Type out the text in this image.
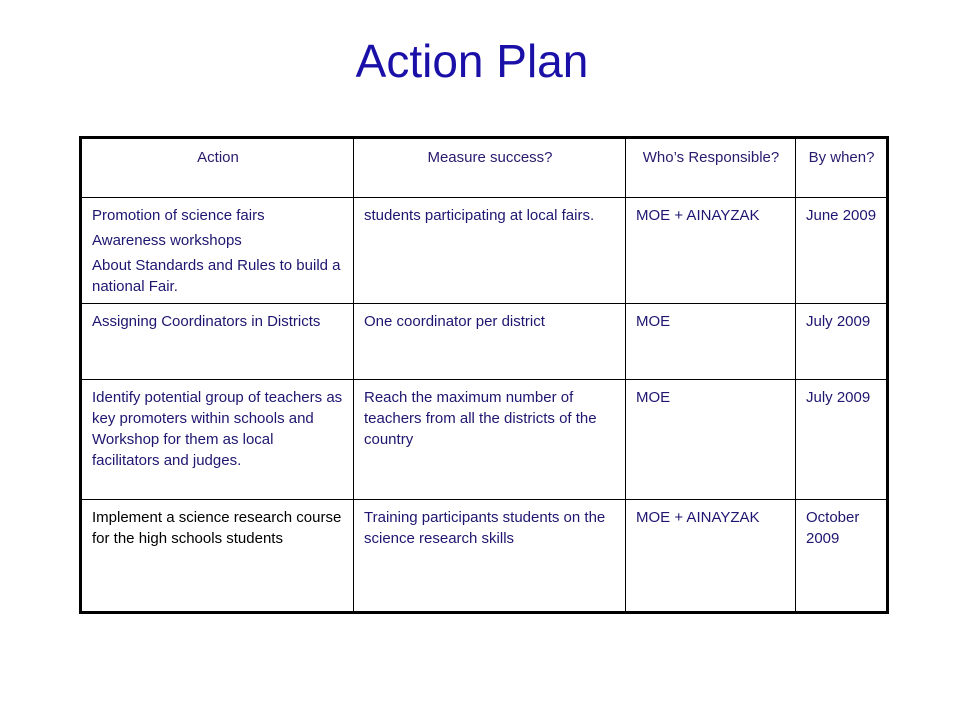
Action Plan
Action	Measure success?	Who’s Responsible?	By when?

Promotion of science fairs
Awareness workshops
About Standards and Rules to build a national Fair.	students participating at local fairs.	MOE + AINAYZAK	June 2009

Assigning Coordinators in Districts	One coordinator per district	MOE	July 2009

Identify potential group of teachers as key promoters within schools and Workshop for them as local facilitators and judges.	Reach the maximum number of teachers from all the districts of the country	MOE	July 2009

Implement a science research course for the high schools students	Training participants students on the science research skills	MOE + AINAYZAK	October 2009
